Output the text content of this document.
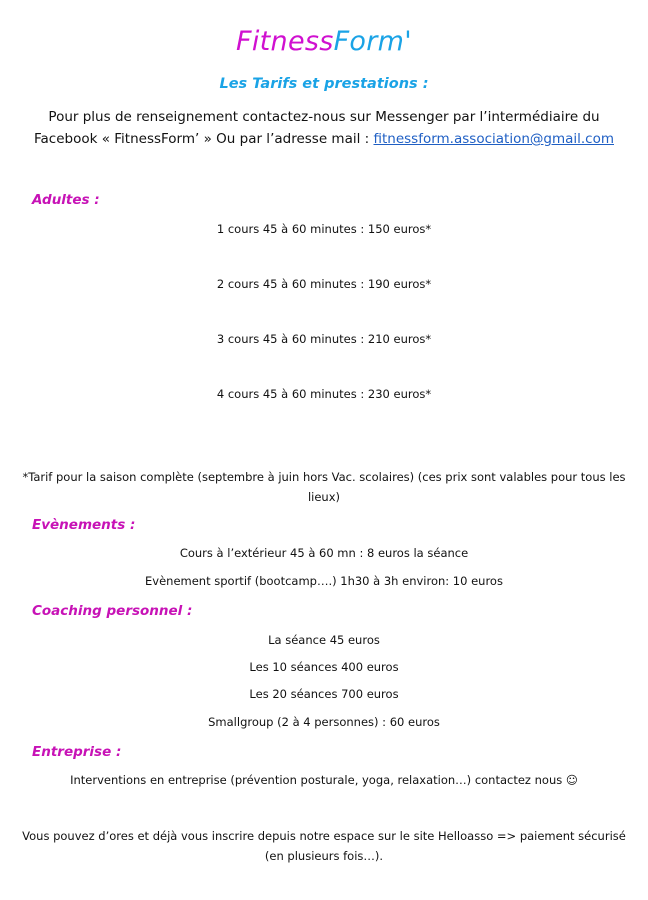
FitnessForm'
Les Tarifs et prestations :
Pour plus de renseignement contactez-nous sur Messenger par l’intermédiaire du
Facebook « FitnessForm’ » Ou par l’adresse mail : fitnessform.association@gmail.com
Adultes :
1 cours 45 à 60 minutes : 150 euros*
2 cours 45 à 60 minutes : 190 euros*
3 cours 45 à 60 minutes : 210 euros*
4 cours 45 à 60 minutes : 230 euros*
*Tarif pour la saison complète (septembre à juin hors Vac. scolaires) (ces prix sont valables pour tous les lieux)
Evènements :
Cours à l’extérieur 45 à 60 mn : 8 euros la séance
Evènement sportif (bootcamp….) 1h30 à 3h environ: 10 euros
Coaching personnel :
La séance 45 euros
Les 10 séances 400 euros
Les 20 séances 700 euros
Smallgroup (2 à 4 personnes) : 60 euros
Entreprise :
Interventions en entreprise (prévention posturale, yoga, relaxation…) contactez nous ☺
Vous pouvez d’ores et déjà vous inscrire depuis notre espace sur le site Helloasso => paiement sécurisé (en plusieurs fois…).
